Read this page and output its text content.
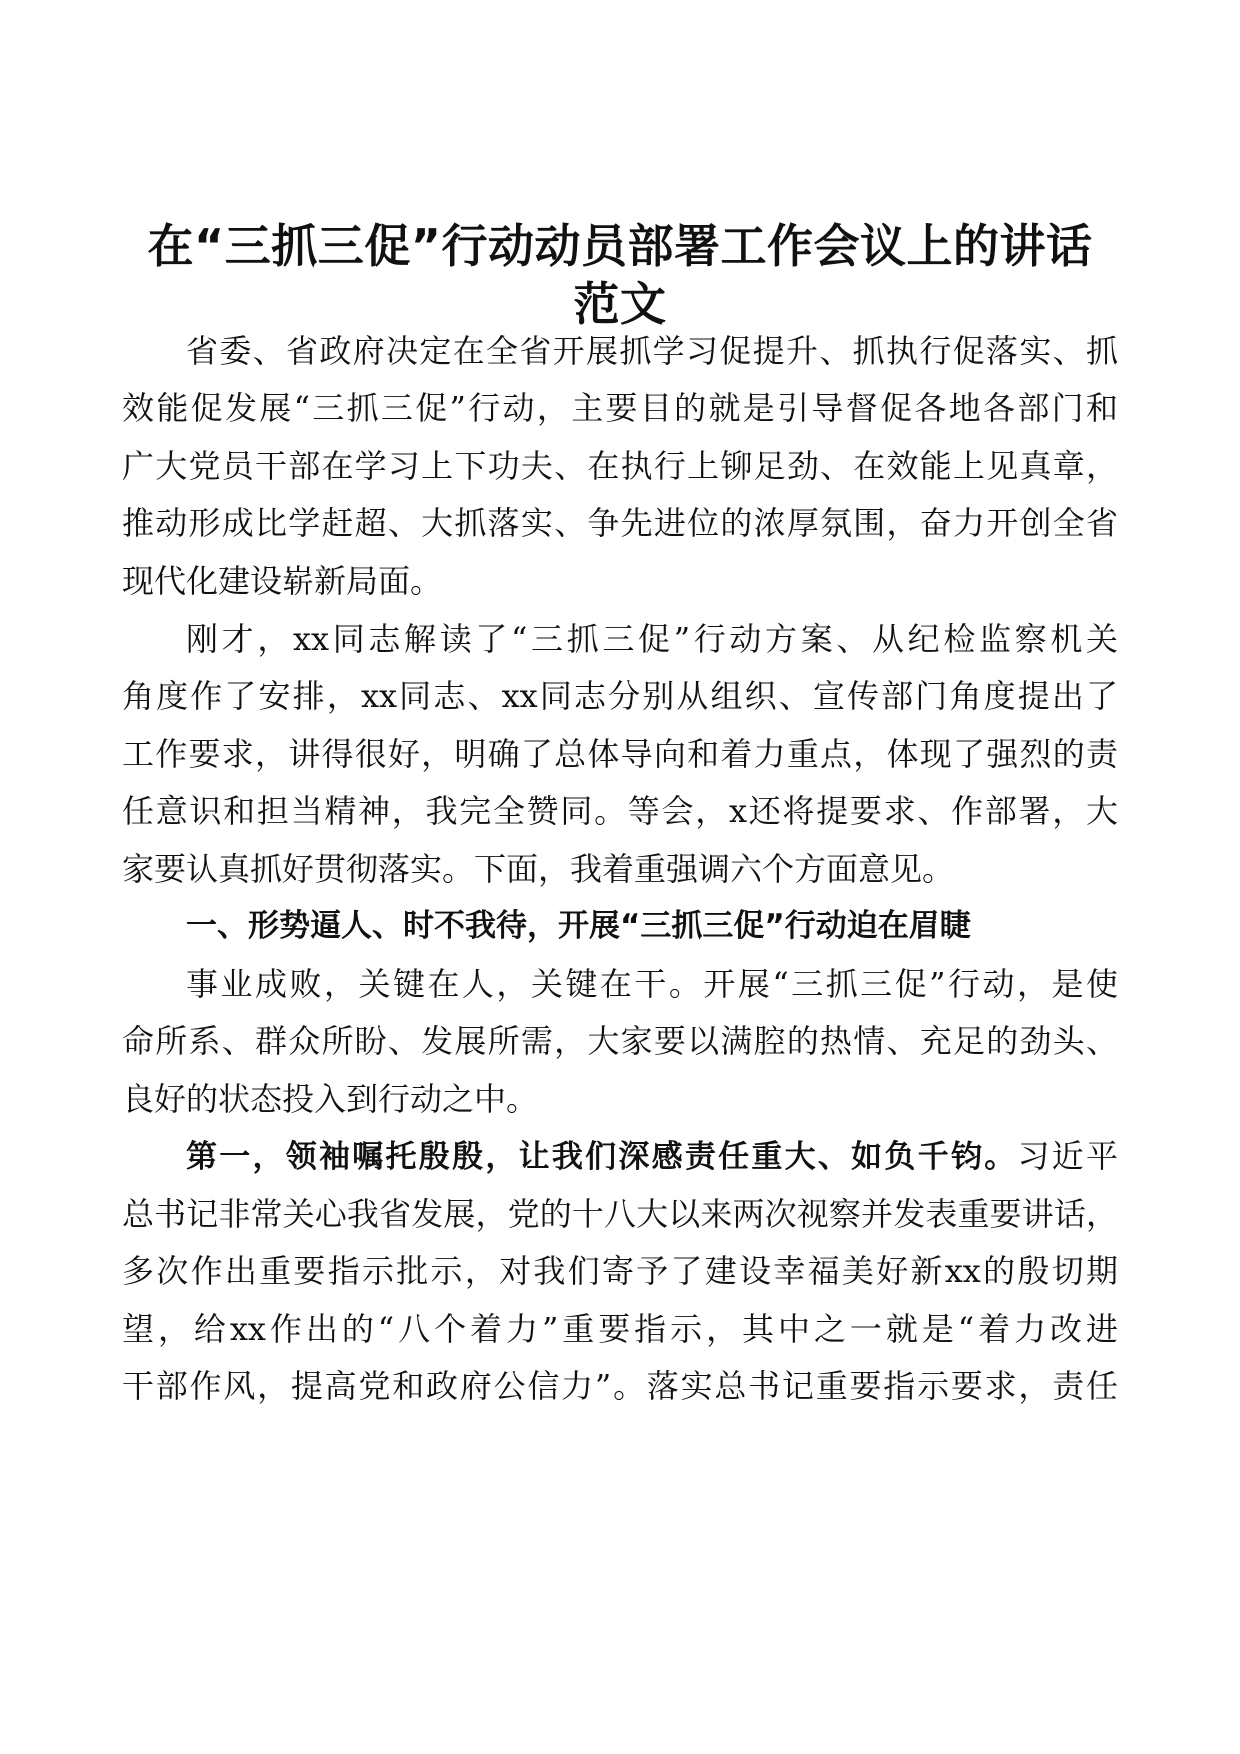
在“三抓三促”行动动员部署工作会议上的讲话
范文
省委、省政府决定在全省开展抓学习促提升、抓执行促落实、抓
效能促发展“三抓三促”行动，主要目的就是引导督促各地各部门和
广大党员干部在学习上下功夫、在执行上铆足劲、在效能上见真章，
推动形成比学赶超、大抓落实、争先进位的浓厚氛围，奋力开创全省
现代化建设崭新局面。
刚才，xx同志解读了“三抓三促”行动方案、从纪检监察机关
角度作了安排，xx同志、xx同志分别从组织、宣传部门角度提出了
工作要求，讲得很好，明确了总体导向和着力重点，体现了强烈的责
任意识和担当精神，我完全赞同。等会，x还将提要求、作部署，大
家要认真抓好贯彻落实。下面，我着重强调六个方面意见。
一、形势逼人、时不我待，开展“三抓三促”行动迫在眉睫
事业成败，关键在人，关键在干。开展“三抓三促”行动，是使
命所系、群众所盼、发展所需，大家要以满腔的热情、充足的劲头、
良好的状态投入到行动之中。
第一，领袖嘱托殷殷，让我们深感责任重大、如负千钧。习近平
总书记非常关心我省发展，党的十八大以来两次视察并发表重要讲话，
多次作出重要指示批示，对我们寄予了建设幸福美好新xx的殷切期
望，给xx作出的“八个着力”重要指示，其中之一就是“着力改进
干部作风，提高党和政府公信力”。落实总书记重要指示要求，责任
